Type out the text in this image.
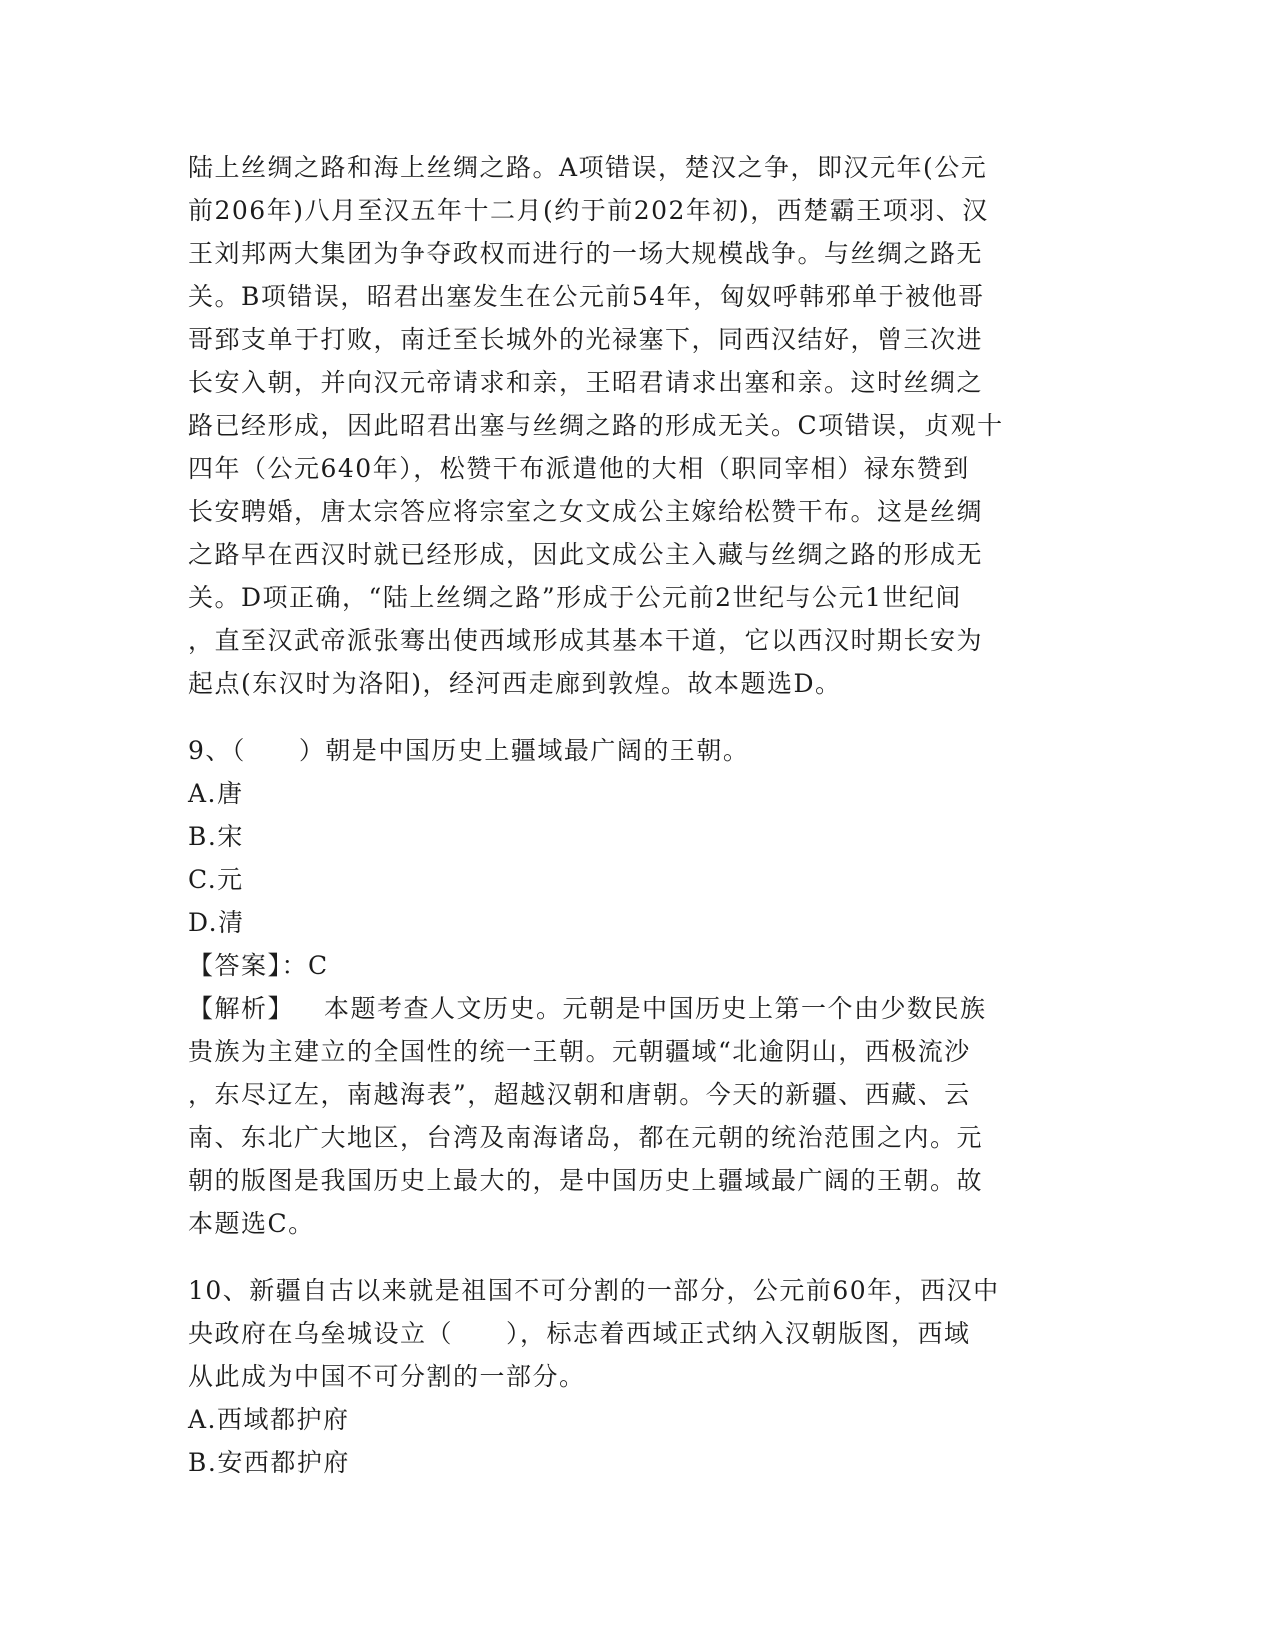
陆上丝绸之路和海上丝绸之路。A项错误，楚汉之争，即汉元年(公元
前206年)八月至汉五年十二月(约于前202年初)，西楚霸王项羽、汉
王刘邦两大集团为争夺政权而进行的一场大规模战争。与丝绸之路无
关。B项错误，昭君出塞发生在公元前54年，匈奴呼韩邪单于被他哥
哥郅支单于打败，南迁至长城外的光禄塞下，同西汉结好，曾三次进
长安入朝，并向汉元帝请求和亲，王昭君请求出塞和亲。这时丝绸之
路已经形成，因此昭君出塞与丝绸之路的形成无关。C项错误，贞观十
四年（公元640年），松赞干布派遣他的大相（职同宰相）禄东赞到
长安聘婚，唐太宗答应将宗室之女文成公主嫁给松赞干布。这是丝绸
之路早在西汉时就已经形成，因此文成公主入藏与丝绸之路的形成无
关。D项正确，“陆上丝绸之路”形成于公元前2世纪与公元1世纪间
，直至汉武帝派张骞出使西域形成其基本干道，它以西汉时期长安为
起点(东汉时为洛阳)，经河西走廊到敦煌。故本题选D。
9、（　　）朝是中国历史上疆域最广阔的王朝。
A.唐
B.宋
C.元
D.清
【答案】：C
【解析】 本题考查人文历史。元朝是中国历史上第一个由少数民族
贵族为主建立的全国性的统一王朝。元朝疆域“北逾阴山，西极流沙
，东尽辽左，南越海表”，超越汉朝和唐朝。今天的新疆、西藏、云
南、东北广大地区，台湾及南海诸岛，都在元朝的统治范围之内。元
朝的版图是我国历史上最大的，是中国历史上疆域最广阔的王朝。故
本题选C。
10、新疆自古以来就是祖国不可分割的一部分，公元前60年，西汉中
央政府在乌垒城设立（　　），标志着西域正式纳入汉朝版图，西域
从此成为中国不可分割的一部分。
A.西域都护府
B.安西都护府
